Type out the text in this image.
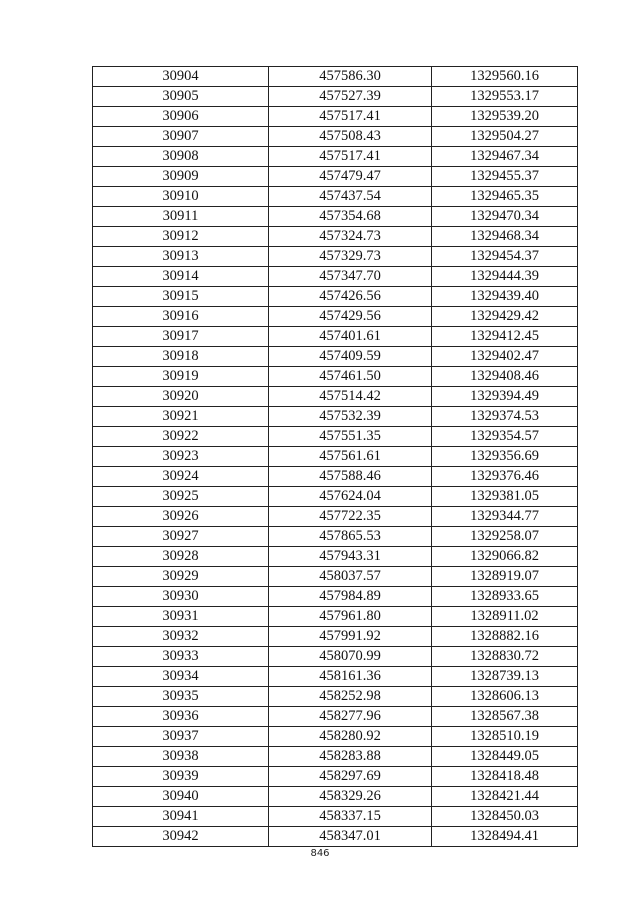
30904	457586.30	1329560.16
30905	457527.39	1329553.17
30906	457517.41	1329539.20
30907	457508.43	1329504.27
30908	457517.41	1329467.34
30909	457479.47	1329455.37
30910	457437.54	1329465.35
30911	457354.68	1329470.34
30912	457324.73	1329468.34
30913	457329.73	1329454.37
30914	457347.70	1329444.39
30915	457426.56	1329439.40
30916	457429.56	1329429.42
30917	457401.61	1329412.45
30918	457409.59	1329402.47
30919	457461.50	1329408.46
30920	457514.42	1329394.49
30921	457532.39	1329374.53
30922	457551.35	1329354.57
30923	457561.61	1329356.69
30924	457588.46	1329376.46
30925	457624.04	1329381.05
30926	457722.35	1329344.77
30927	457865.53	1329258.07
30928	457943.31	1329066.82
30929	458037.57	1328919.07
30930	457984.89	1328933.65
30931	457961.80	1328911.02
30932	457991.92	1328882.16
30933	458070.99	1328830.72
30934	458161.36	1328739.13
30935	458252.98	1328606.13
30936	458277.96	1328567.38
30937	458280.92	1328510.19
30938	458283.88	1328449.05
30939	458297.69	1328418.48
30940	458329.26	1328421.44
30941	458337.15	1328450.03
30942	458347.01	1328494.41
846
